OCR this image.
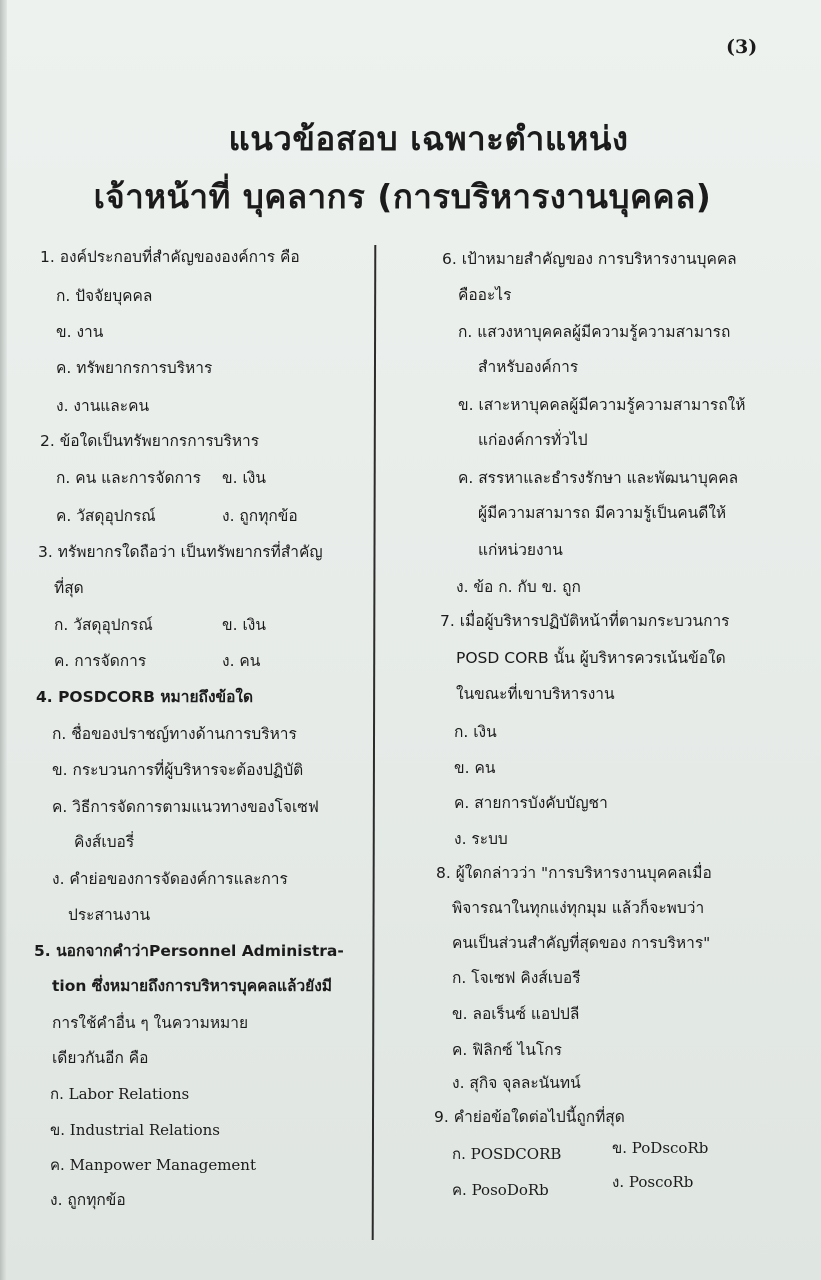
(3)
แนวข้อสอบ เฉพาะตำแหน่ง
เจ้าหน้าที่ บุคลากร (การบริหารงานบุคคล)
1. องค์ประกอบที่สำคัญขององค์การ คือ
ก. ปัจจัยบุคคล
ข. งาน
ค. ทรัพยากรการบริหาร
ง. งานและคน
2. ข้อใดเป็นทรัพยากรการบริหาร
ก. คน และการจัดการ ข. เงิน
ค. วัสดุอุปกรณ์	ง. ถูกทุกข้อ
3. ทรัพยากรใดถือว่า เป็นทรัพยากรที่สำคัญ
ที่สุด
ก. วัสดุอุปกรณ์	ข. เงิน
ค. การจัดการ	ง. คน
4. POSDCORB หมายถึงข้อใด
ก. ชื่อของปราชญ์ทางด้านการบริหาร
ข. กระบวนการที่ผู้บริหารจะต้องปฏิบัติ
ค. วิธีการจัดการตามแนวทางของโจเซฟ
คิงส์เบอรี่
ง. คำย่อของการจัดองค์การและการ
ประสานงาน
5. นอกจากคำว่าPersonnel Administra-
tion ซึ่งหมายถึงการบริหารบุคคลแล้วยังมี
การใช้คำอื่น ๆ ในความหมาย
เดียวกันอีก คือ
ก. Labor Relations
ข. Industrial Relations
ค. Manpower Management
ง. ถูกทุกข้อ
6. เป้าหมายสำคัญของ การบริหารงานบุคคล
คืออะไร
ก. แสวงหาบุคคลผู้มีความรู้ความสามารถ
สำหรับองค์การ
ข. เสาะหาบุคคลผู้มีความรู้ความสามารถให้
แก่องค์การทั่วไป
ค. สรรหาและธำรงรักษา และพัฒนาบุคคล
ผู้มีความสามารถ มีความรู้เป็นคนดีให้
แก่หน่วยงาน
ง. ข้อ ก. กับ ข. ถูก
7. เมื่อผู้บริหารปฏิบัติหน้าที่ตามกระบวนการ
POSD CORB นั้น ผู้บริหารควรเน้นข้อใด
ในขณะที่เขาบริหารงาน
ก. เงิน
ข. คน
ค. สายการบังคับบัญชา
ง. ระบบ
8. ผู้ใดกล่าวว่า "การบริหารงานบุคคลเมื่อ
พิจารณาในทุกแง่ทุกมุม แล้วก็จะพบว่า
คนเป็นส่วนสำคัญที่สุดของ การบริหาร"
ก. โจเซฟ คิงส์เบอรี
ข. ลอเร็นซ์ แอปปลี
ค. ฟิลิกซ์ ไนโกร
ง. สุกิจ จุลละนันทน์
9. คำย่อข้อใดต่อไปนี้ถูกที่สุด
ก. POSDCORB	ข. PoDscoRb
ค. PosoDoRb	ง. PoscoRb
